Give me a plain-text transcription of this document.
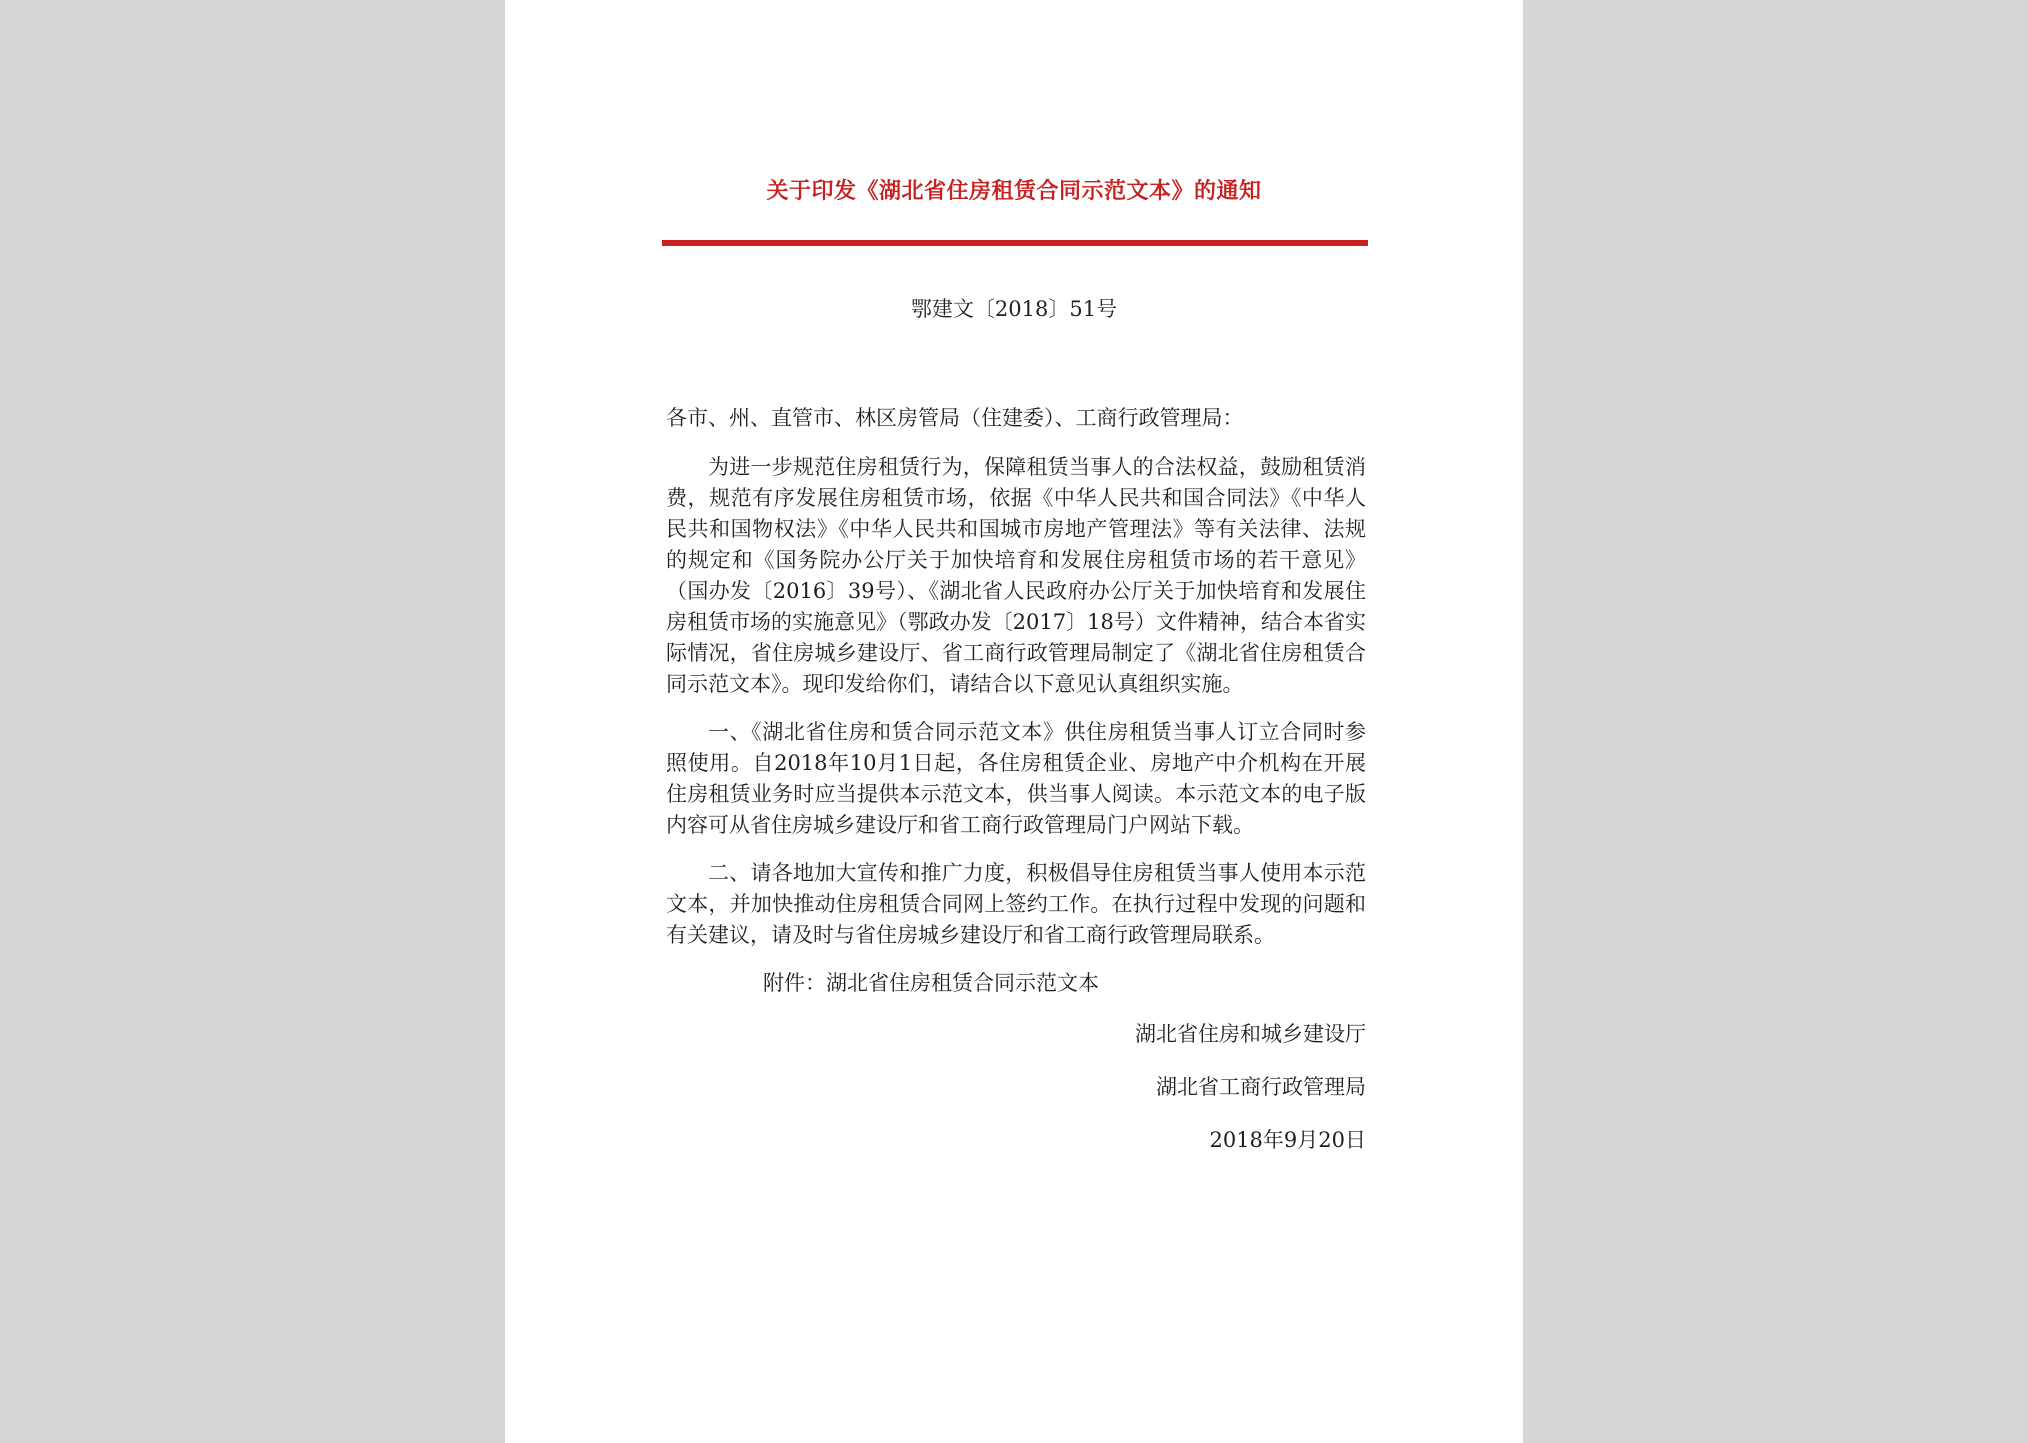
关于印发《湖北省住房租赁合同示范文本》的通知
鄂建文〔2018〕51号

各市、州、直管市、林区房管局（住建委）、工商行政管理局：

为进一步规范住房租赁行为，保障租赁当事人的合法权益，鼓励租赁消费，规范有序发展住房租赁市场，依据《中华人民共和国合同法》《中华人民共和国物权法》《中华人民共和国城市房地产管理法》等有关法律、法规的规定和《国务院办公厅关于加快培育和发展住房租赁市场的若干意见》（国办发〔2016〕39号）、《湖北省人民政府办公厅关于加快培育和发展住房租赁市场的实施意见》（鄂政办发〔2017〕18号）文件精神，结合本省实际情况，省住房城乡建设厅、省工商行政管理局制定了《湖北省住房租赁合同示范文本》。现印发给你们，请结合以下意见认真组织实施。

一、《湖北省住房和赁合同示范文本》供住房租赁当事人订立合同时参照使用。自2018年10月1日起，各住房租赁企业、房地产中介机构在开展住房租赁业务时应当提供本示范文本，供当事人阅读。本示范文本的电子版内容可从省住房城乡建设厅和省工商行政管理局门户网站下载。

二、请各地加大宣传和推广力度，积极倡导住房租赁当事人使用本示范文本，并加快推动住房租赁合同网上签约工作。在执行过程中发现的问题和有关建议，请及时与省住房城乡建设厅和省工商行政管理局联系。

附件：湖北省住房租赁合同示范文本

湖北省住房和城乡建设厅

湖北省工商行政管理局

2018年9月20日
